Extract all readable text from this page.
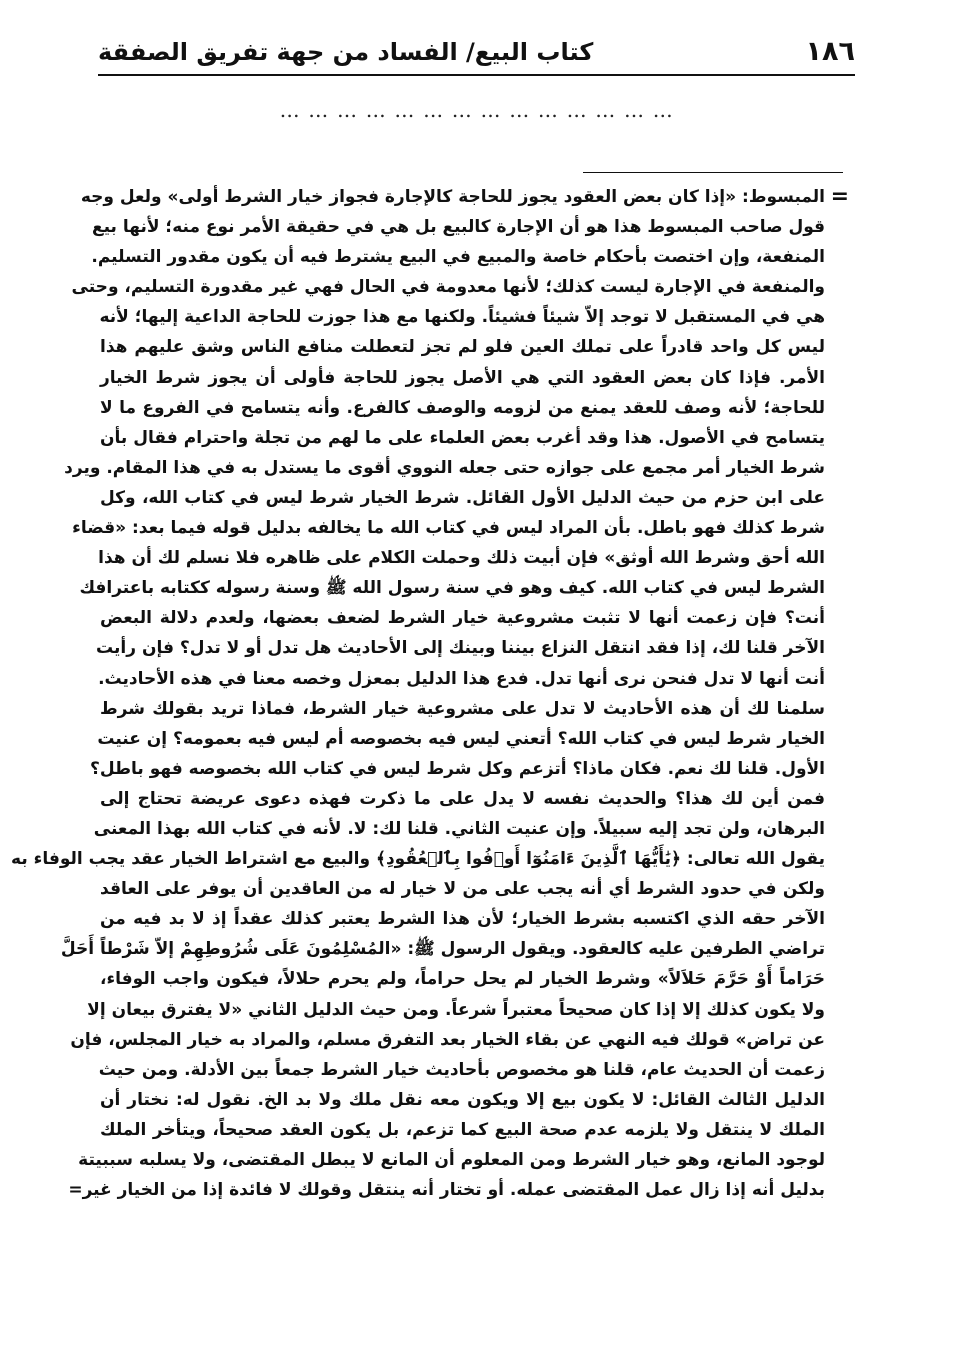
١٨٦
كتاب البيع/ الفساد من جهة تفريق الصفقة
……………………………………
=
المبسوط: «إذا كان بعض العقود يجوز للحاجة كالإجارة فجواز خيار الشرط أولى» ولعل وجه
قول صاحب المبسوط هذا هو أن الإجارة كالبيع بل هي في حقيقة الأمر نوع منه؛ لأنها بيع
المنفعة، وإن اختصت بأحكام خاصة والمبيع في البيع يشترط فيه أن يكون مقدور التسليم.
والمنفعة في الإجارة ليست كذلك؛ لأنها معدومة في الحال فهي غير مقدورة التسليم، وحتى
هي في المستقبل لا توجد إلاّ شيئاً فشيئاً. ولكنها مع هذا جوزت للحاجة الداعية إليها؛ لأنه
ليس كل واحد قادراً على تملك العين فلو لم تجز لتعطلت منافع الناس وشق عليهم هذا
الأمر. فإذا كان بعض العقود التي هي الأصل يجوز للحاجة فأولى أن يجوز شرط الخيار
للحاجة؛ لأنه وصف للعقد يمنع من لزومه والوصف كالفرع. وأنه يتسامح في الفروع ما لا
يتسامح في الأصول. هذا وقد أغرب بعض العلماء على ما لهم من تجلة واحترام فقال بأن
شرط الخيار أمر مجمع على جوازه حتى جعله النووي أقوى ما يستدل به في هذا المقام. ويرد
على ابن حزم من حيث الدليل الأول القائل. شرط الخيار شرط ليس في كتاب الله، وكل
شرط كذلك فهو باطل. بأن المراد ليس في كتاب الله ما يخالفه بدليل قوله فيما بعد: «قضاء
الله أحق وشرط الله أوثق» فإن أبيت ذلك وحملت الكلام على ظاهره فلا نسلم لك أن هذا
الشرط ليس في كتاب الله. كيف وهو في سنة رسول الله ﷺ وسنة رسوله ككتابه باعترافك
أنت؟ فإن زعمت أنها لا تثبت مشروعية خيار الشرط لضعف بعضها، ولعدم دلالة البعض
الآخر قلنا لك، إذا فقد انتقل النزاع بيننا وبينك إلى الأحاديث هل تدل أو لا تدل؟ فإن رأيت
أنت أنها لا تدل فنحن نرى أنها تدل. فدع هذا الدليل بمعزل وخصه معنا في هذه الأحاديث.
سلمنا لك أن هذه الأحاديث لا تدل على مشروعية خيار الشرط، فماذا تريد بقولك شرط
الخيار شرط ليس في كتاب الله؟ أتعني ليس فيه بخصوصه أم ليس فيه بعمومه؟ إن عنيت
الأول. قلنا لك نعم. فكان ماذا؟ أتزعم وكل شرط ليس في كتاب الله بخصوصه فهو باطل؟
فمن أين لك هذا؟ والحديث نفسه لا يدل على ما ذكرت فهذه دعوى عريضة تحتاج إلى
البرهان، ولن تجد إليه سبيلاً. وإن عنيت الثاني. قلنا لك: لا. لأنه في كتاب الله بهذا المعنى
يقول الله تعالى: ﴿يَٰأَيُّهَا ٱلَّذِينَ ءَامَنُوٓا أَوۡفُوا بِٱلۡعُقُودِ﴾ والبيع مع اشتراط الخيار عقد يجب الوفاء به
ولكن في حدود الشرط أي أنه يجب على من لا خيار له من العاقدين أن يوفر على العاقد
الآخر حقه الذي اكتسبه بشرط الخيار؛ لأن هذا الشرط يعتبر كذلك عقداً إذ لا بد فيه من
تراضي الطرفين عليه كالعقود. ويقول الرسول ﷺ: «المُسْلِمُونَ عَلَى شُرُوطِهِمْ إلاّ شَرْطاً أَحَلَّ
حَرَاماً أَوْ حَرَّمَ حَلاَلاً» وشرط الخيار لم يحل حراماً، ولم يحرم حلالاً، فيكون واجب الوفاء،
ولا يكون كذلك إلا إذا كان صحيحاً معتبراً شرعاً. ومن حيث الدليل الثاني «لا يفترق بيعان إلا
عن تراض» قولك فيه النهي عن بقاء الخيار بعد التفرق مسلم، والمراد به خيار المجلس، فإن
زعمت أن الحديث عام، قلنا هو مخصوص بأحاديث خيار الشرط جمعاً بين الأدلة. ومن حيث
الدليل الثالث القائل: لا يكون بيع إلا ويكون معه نقل ملك ولا بد الخ. نقول له: نختار أن
الملك لا ينتقل ولا يلزمه عدم صحة البيع كما تزعم، بل يكون العقد صحيحاً، ويتأخر الملك
لوجود المانع، وهو خيار الشرط ومن المعلوم أن المانع لا يبطل المقتضى، ولا يسلبه سببيتة
بدليل أنه إذا زال عمل المقتضى عمله. أو تختار أنه ينتقل وقولك لا فائدة إذا من الخيار غير=
